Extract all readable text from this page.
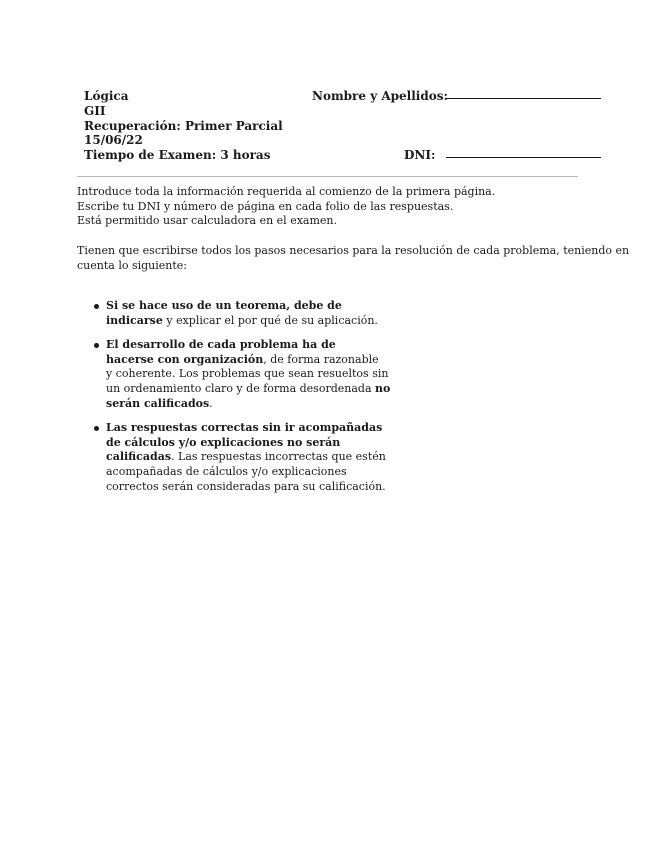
Lógica
GII
Recuperación: Primer Parcial
15/06/22
Tiempo de Examen: 3 horas
Nombre y Apellidos:
DNI:
Introduce toda la información requerida al comienzo de la primera página.
Escribe tu DNI y número de página en cada folio de las respuestas.
Está permitido usar calculadora en el examen.
Tienen que escribirse todos los pasos necesarios para la resolución de cada problema, teniendo en
cuenta lo siguiente:
Si se hace uso de un teorema, debe de
indicarse y explicar el por qué de su aplicación.
El desarrollo de cada problema ha de
hacerse con organización, de forma razonable
y coherente. Los problemas que sean resueltos sin
un ordenamiento claro y de forma desordenada no
serán calificados.
Las respuestas correctas sin ir acompañadas
de cálculos y/o explicaciones no serán
calificadas. Las respuestas incorrectas que estén
acompañadas de cálculos y/o explicaciones
correctos serán consideradas para su calificación.
